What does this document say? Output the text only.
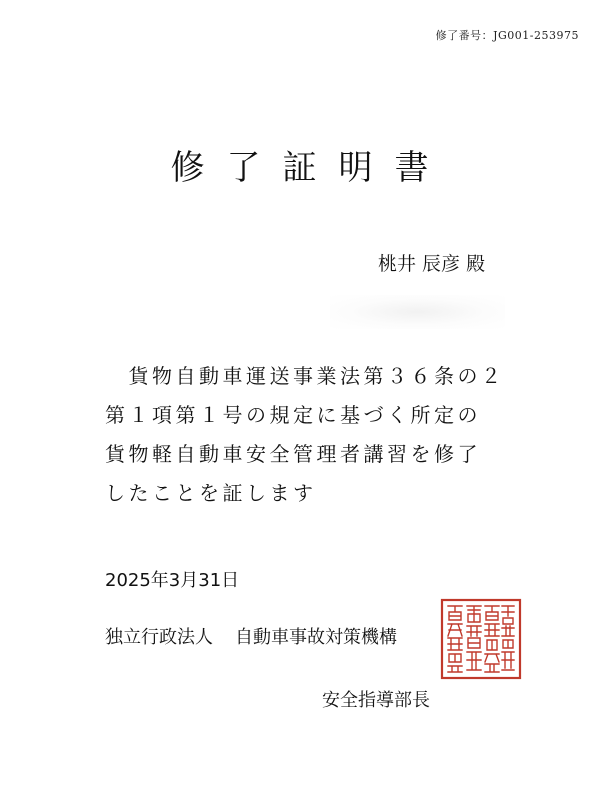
修了番号：JG001-253975
修了証明書
桃井 辰彦 殿
　貨物自動車運送事業法第３６条の２
第１項第１号の規定に基づく所定の
貨物軽自動車安全管理者講習を修了
したことを証します
2025年3月31日
独立行政法人 自動車事故対策機構
安全指導部長
